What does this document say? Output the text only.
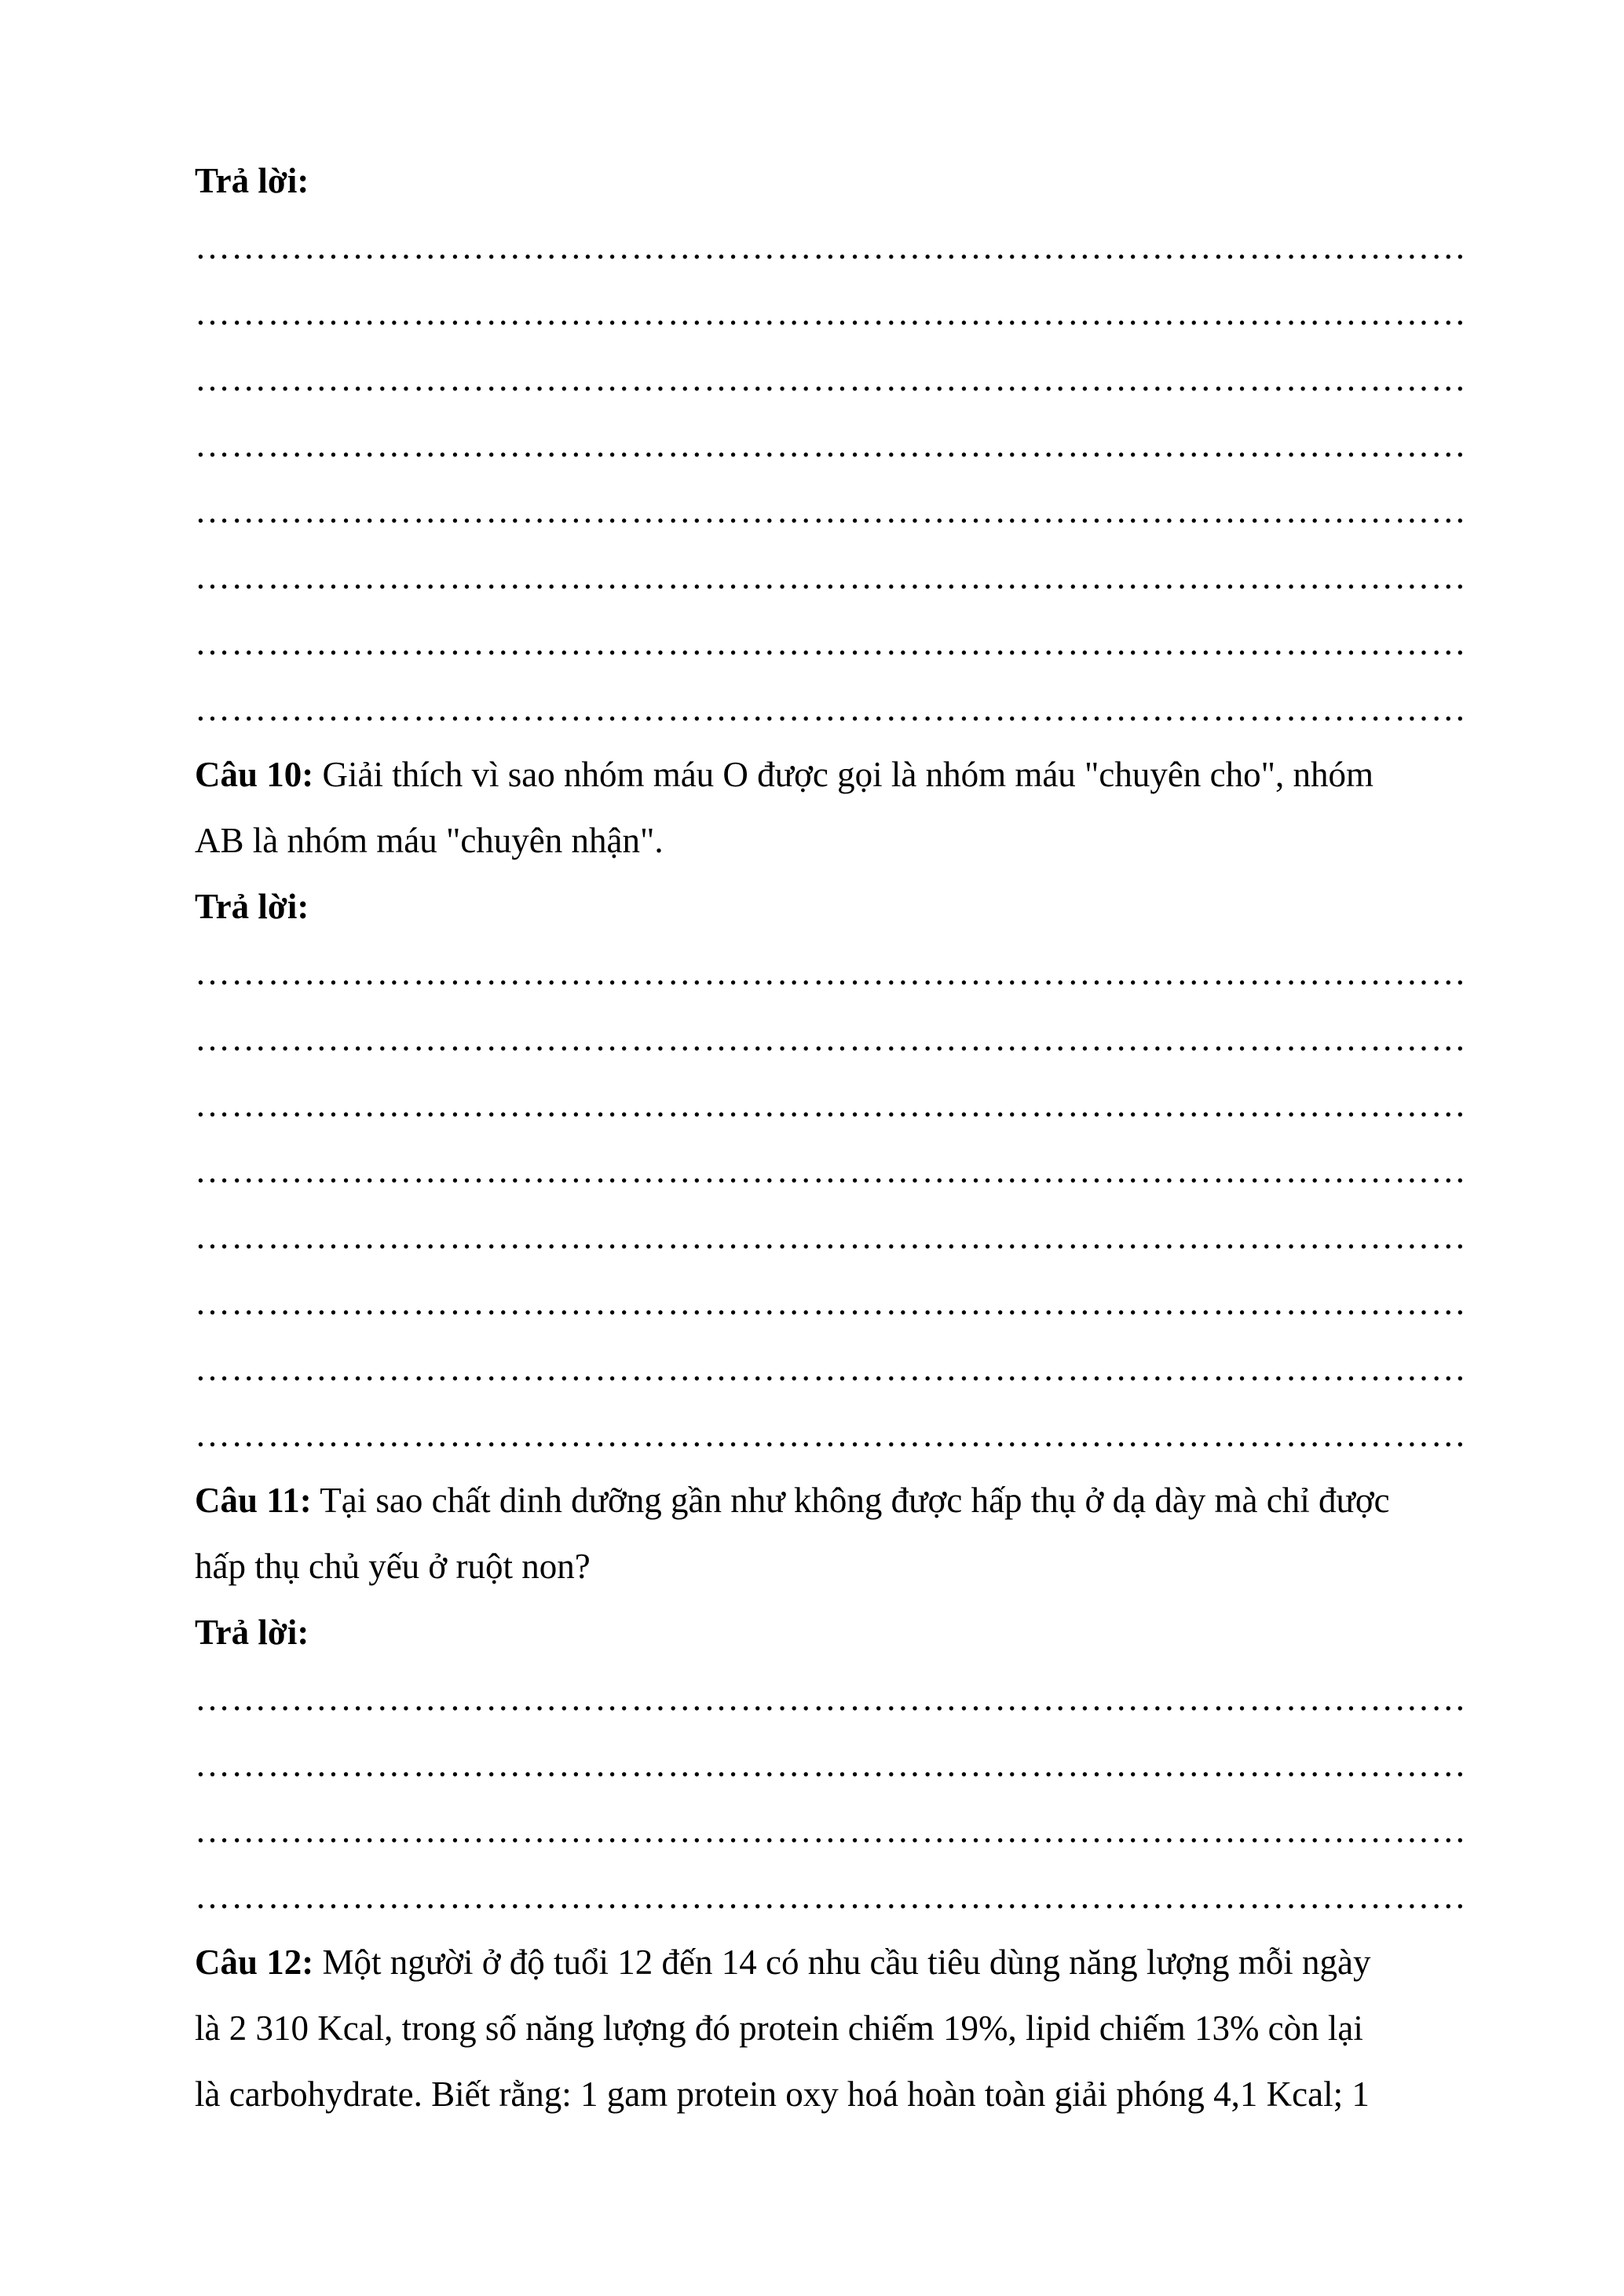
Trả lời:
……………………………………………………………………………………………
……………………………………………………………………………………………
……………………………………………………………………………………………
……………………………………………………………………………………………
……………………………………………………………………………………………
……………………………………………………………………………………………
……………………………………………………………………………………………
……………………………………………………………………………………………
Câu 10: Giải thích vì sao nhóm máu O được gọi là nhóm máu "chuyên cho", nhóm
AB là nhóm máu "chuyên nhận".
Trả lời:
……………………………………………………………………………………………
……………………………………………………………………………………………
……………………………………………………………………………………………
……………………………………………………………………………………………
……………………………………………………………………………………………
……………………………………………………………………………………………
……………………………………………………………………………………………
……………………………………………………………………………………………
Câu 11: Tại sao chất dinh dưỡng gần như không được hấp thụ ở dạ dày mà chỉ được
hấp thụ chủ yếu ở ruột non?
Trả lời:
……………………………………………………………………………………………
……………………………………………………………………………………………
……………………………………………………………………………………………
……………………………………………………………………………………………
Câu 12: Một người ở độ tuổi 12 đến 14 có nhu cầu tiêu dùng năng lượng mỗi ngày
là 2 310 Kcal, trong số năng lượng đó protein chiếm 19%, lipid chiếm 13% còn lại
là carbohydrate. Biết rằng: 1 gam protein oxy hoá hoàn toàn giải phóng 4,1 Kcal; 1
